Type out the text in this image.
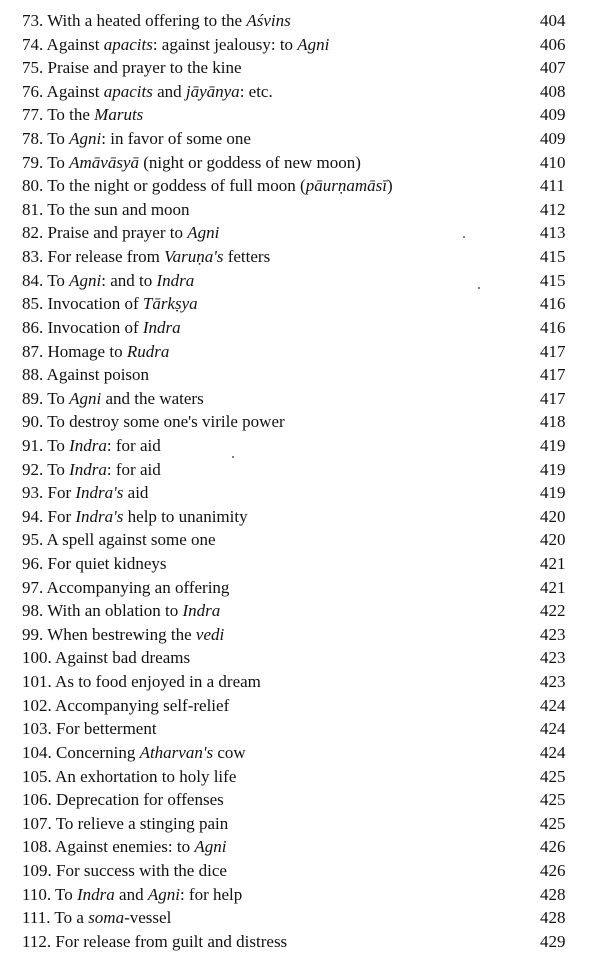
73. With a heated offering to the Aśvins	404
74. Against apacits: against jealousy: to Agni	406
75. Praise and prayer to the kine	407
76. Against apacits and jāyānya: etc.	408
77. To the Maruts	409
78. To Agni: in favor of some one	409
79. To Amāvāsyā (night or goddess of new moon)	410
80. To the night or goddess of full moon (pāurṇamāsī)	411
81. To the sun and moon	412
82. Praise and prayer to Agni	413
83. For release from Varuṇa's fetters	415
84. To Agni: and to Indra	415
85. Invocation of Tārkṣya	416
86. Invocation of Indra	416
87. Homage to Rudra	417
88. Against poison	417
89. To Agni and the waters	417
90. To destroy some one's virile power	418
91. To Indra: for aid	419
92. To Indra: for aid	419
93. For Indra's aid	419
94. For Indra's help to unanimity	420
95. A spell against some one	420
96. For quiet kidneys	421
97. Accompanying an offering	421
98. With an oblation to Indra	422
99. When bestrewing the vedi	423
100. Against bad dreams	423
101. As to food enjoyed in a dream	423
102. Accompanying self-relief	424
103. For betterment	424
104. Concerning Atharvan's cow	424
105. An exhortation to holy life	425
106. Deprecation for offenses	425
107. To relieve a stinging pain	425
108. Against enemies: to Agni	426
109. For success with the dice	426
110. To Indra and Agni: for help	428
111. To a soma-vessel	428
112. For release from guilt and distress	429
